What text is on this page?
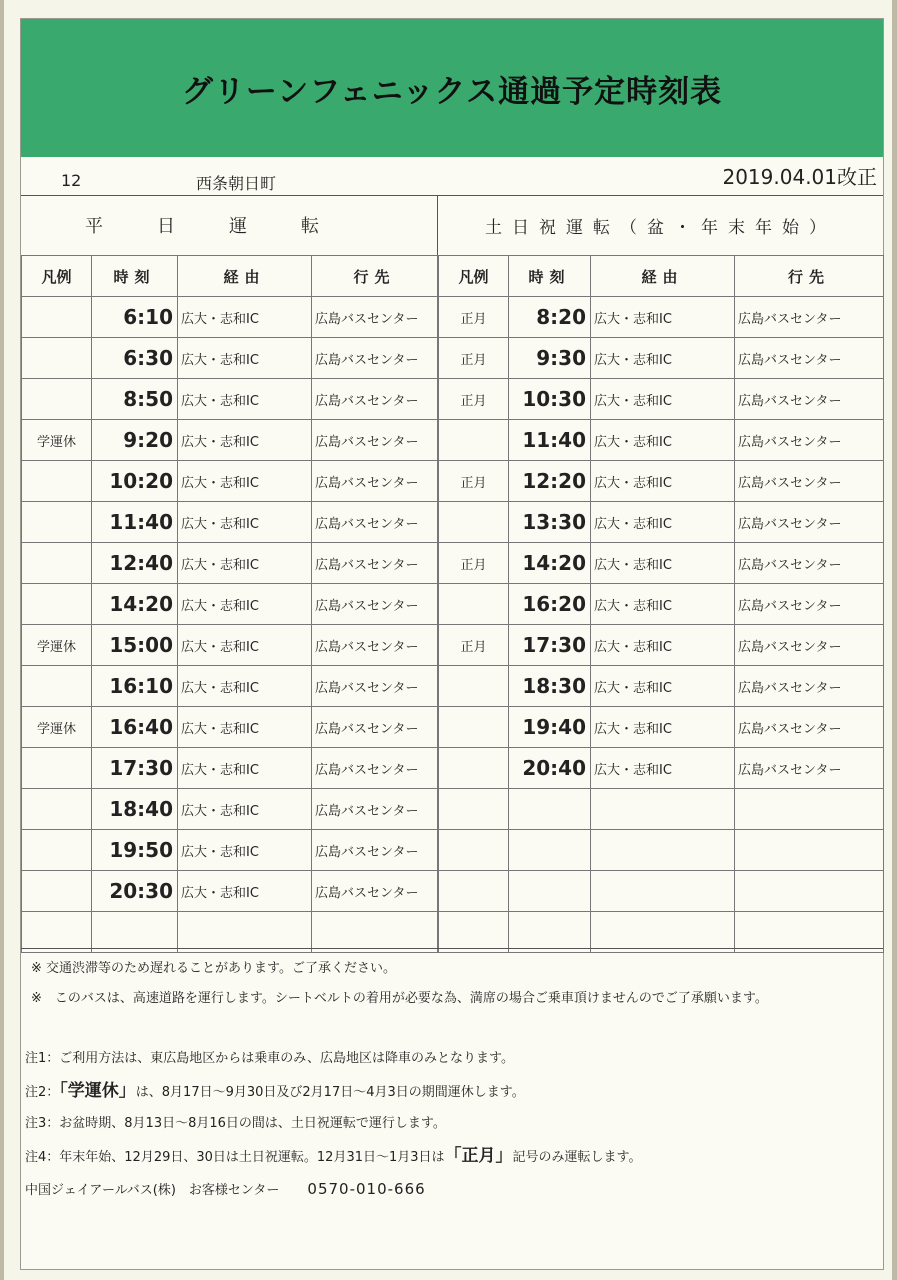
グリーンフェニックス通過予定時刻表
12	西条朝日町	2019.04.01改正
平日運転	土日祝運転（盆・年末年始）
凡例	時刻	経由	行先
	6:10	広大・志和IC	広島バスセンター
	6:30	広大・志和IC	広島バスセンター
	8:50	広大・志和IC	広島バスセンター
学運休	9:20	広大・志和IC	広島バスセンター
	10:20	広大・志和IC	広島バスセンター
	11:40	広大・志和IC	広島バスセンター
	12:40	広大・志和IC	広島バスセンター
	14:20	広大・志和IC	広島バスセンター
学運休	15:00	広大・志和IC	広島バスセンター
	16:10	広大・志和IC	広島バスセンター
学運休	16:40	広大・志和IC	広島バスセンター
	17:30	広大・志和IC	広島バスセンター
	18:40	広大・志和IC	広島バスセンター
	19:50	広大・志和IC	広島バスセンター
	20:30	広大・志和IC	広島バスセンター

凡例	時刻	経由	行先
正月	8:20	広大・志和IC	広島バスセンター
正月	9:30	広大・志和IC	広島バスセンター
正月	10:30	広大・志和IC	広島バスセンター
	11:40	広大・志和IC	広島バスセンター
正月	12:20	広大・志和IC	広島バスセンター
	13:30	広大・志和IC	広島バスセンター
正月	14:20	広大・志和IC	広島バスセンター
	16:20	広大・志和IC	広島バスセンター
正月	17:30	広大・志和IC	広島バスセンター
	18:30	広大・志和IC	広島バスセンター
	19:40	広大・志和IC	広島バスセンター
	20:40	広大・志和IC	広島バスセンター

※ 交通渋滞等のため遅れることがあります。ご了承ください。

※　このバスは、高速道路を運行します。シートベルトの着用が必要な為、満席の場合ご乗車頂けませんのでご了承願います。

注1：ご利用方法は、東広島地区からは乗車のみ、広島地区は降車のみとなります。

注2：「学運休」は、8月17日～9月30日及び2月17日～4月3日の期間運休します。

注3：お盆時期、8月13日～8月16日の間は、土日祝運転で運行します。

注4：年末年始、12月29日、30日は土日祝運転。12月31日～1月3日は「正月」記号のみ運転します。

中国ジェイアールバス(株)　お客様センター 0570-010-666
